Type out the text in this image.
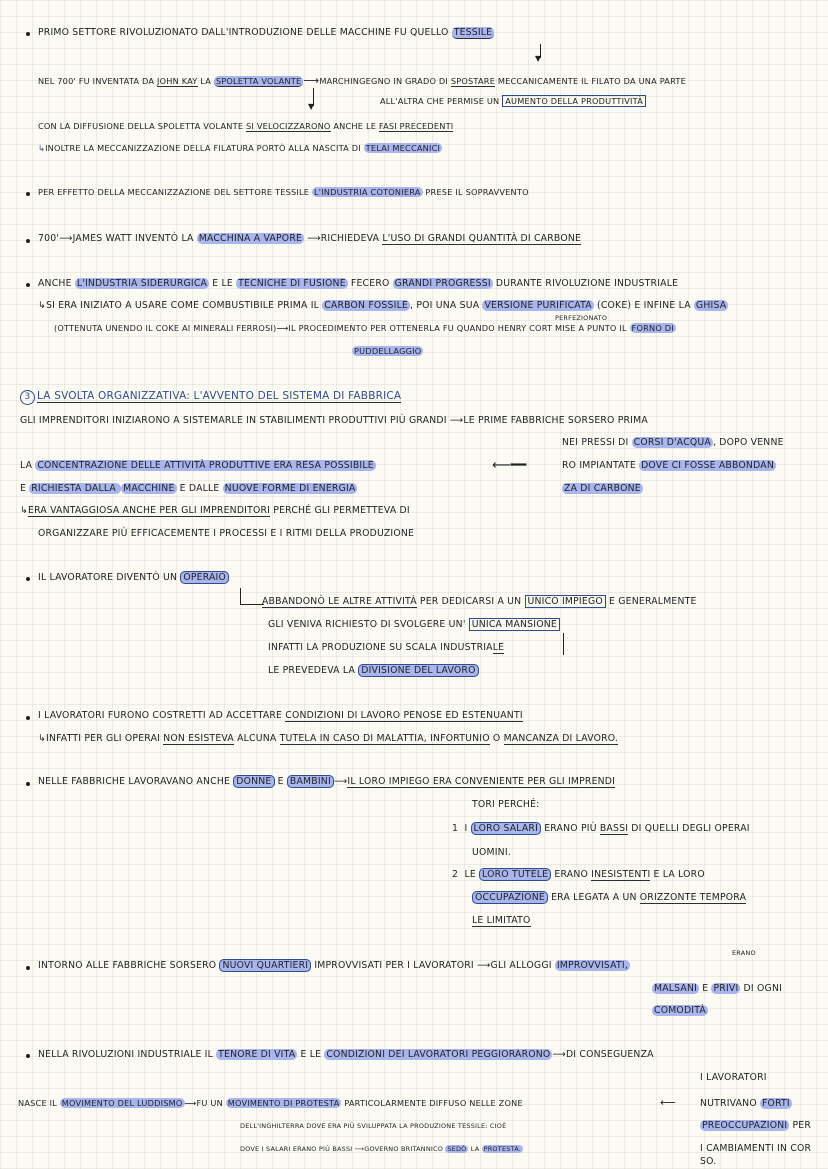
PRIMO SETTORE RIVOLUZIONATO DALL'INTRODUZIONE DELLE MACCHINE FU QUELLO TESSILE
▼
NEL 700' FU INVENTATA DA JOHN KAY LA SPOLETTA VOLANTE ⟶MARCHINGEGNO IN GRADO DI SPOSTARE MECCANICAMENTE IL FILATO DA UNA PARTE
▼
ALL'ALTRA CHE PERMISE UN AUMENTO DELLA PRODUTTIVITÀ
CON LA DIFFUSIONE DELLA SPOLETTA VOLANTE SI VELOCIZZARONO ANCHE LE FASI PRECEDENTI
↳INOLTRE LA MECCANIZZAZIONE DELLA FILATURA PORTÒ ALLA NASCITA DI TELAI MECCANICI
PER EFFETTO DELLA MECCANIZZAZIONE DEL SETTORE TESSILE L'INDUSTRIA COTONIERA PRESE IL SOPRAVVENTO
700'⟶JAMES WATT INVENTÒ LA MACCHINA A VAPORE ⟶RICHIEDEVA L'USO DI GRANDI QUANTITÀ DI CARBONE
ANCHE L'INDUSTRIA SIDERURGICA E LE TECNICHE DI FUSIONE FECERO GRANDI PROGRESSI DURANTE RIVOLUZIONE INDUSTRIALE
↳SI ERA INIZIATO A USARE COME COMBUSTIBILE PRIMA IL CARBON FOSSILE , POI UNA SUA VERSIONE PURIFICATA (COKE) E INFINE LA GHISA
PERFEZIONATO
(OTTENUTA UNENDO IL COKE AI MINERALI FERROSI)⟶IL PROCEDIMENTO PER OTTENERLA FU QUANDO HENRY CORT MISE A PUNTO IL FORNO DI
PUDDELLAGGIO
3 LA SVOLTA ORGANIZZATIVA: L'AVVENTO DEL SISTEMA DI FABBRICA
GLI IMPRENDITORI INIZIARONO A SISTEMARLE IN STABILIMENTI PRODUTTIVI PIÙ GRANDI ⟶LE PRIME FABBRICHE SORSERO PRIMA
NEI PRESSI DI CORSI D'ACQUA , DOPO VENNE
LA CONCENTRAZIONE DELLE ATTIVITÀ PRODUTTIVE ERA RESA POSSIBILE	⟵━━	RO IMPIANTATE DOVE CI FOSSE ABBONDAN
E RICHIESTA DALLA MACCHINE E DALLE NUOVE FORME DI ENERGIA	ZA DI CARBONE
↳ERA VANTAGGIOSA ANCHE PER GLI IMPRENDITORI PERCHÉ GLI PERMETTEVA DI
ORGANIZZARE PIÙ EFFICACEMENTE I PROCESSI E I RITMI DELLA PRODUZIONE
IL LAVORATORE DIVENTÒ UN OPERAIO
ABBANDONÒ LE ALTRE ATTIVITÀ PER DEDICARSI A UN UNICO IMPIEGO E GENERALMENTE
GLI VENIVA RICHIESTO DI SVOLGERE UN' UNICA MANSIONE
INFATTI LA PRODUZIONE SU SCALA INDUSTRIALE
LE PREVEDEVA LA DIVISIONE DEL LAVORO
I LAVORATORI FURONO COSTRETTI AD ACCETTARE CONDIZIONI DI LAVORO PENOSE ED ESTENUANTI
↳INFATTI PER GLI OPERAI NON ESISTEVA ALCUNA TUTELA IN CASO DI MALATTIA, INFORTUNIO O MANCANZA DI LAVORO.
NELLE FABBRICHE LAVORAVANO ANCHE DONNE E BAMBINI ⟶IL LORO IMPIEGO ERA CONVENIENTE PER GLI IMPRENDI
TORI PERCHÉ:
1 I LORO SALARI ERANO PIÙ BASSI DI QUELLI DEGLI OPERAI
UOMINI.
2 LE LORO TUTELE ERANO INESISTENTI E LA LORO
OCCUPAZIONE ERA LEGATA A UN ORIZZONTE TEMPORA
LE LIMITATO
ERANO
INTORNO ALLE FABBRICHE SORSERO NUOVI QUARTIERI IMPROVVISATI PER I LAVORATORI ⟶GLI ALLOGGI IMPROVVISATI,
MALSANI E PRIVI DI OGNI
COMODITÀ
NELLA RIVOLUZIONI INDUSTRIALE IL TENORE DI VITA E LE CONDIZIONI DEI LAVORATORI PEGGIORARONO ⟶DI CONSEGUENZA
I LAVORATORI
NASCE IL MOVIMENTO DEL LUDDISMO ⟶FU UN MOVIMENTO DI PROTESTA PARTICOLARMENTE DIFFUSO NELLE ZONE	⟵	NUTRIVANO FORTI
DELL'INGHILTERRA DOVE ERA PIÙ SVILUPPATA LA PRODUZIONE TESSILE: CIOÈ	PREOCCUPAZIONI PER
DOVE I SALARI ERANO PIÙ BASSI ⟶GOVERNO BRITANNICO SEDÒ LA PROTESTA.	I CAMBIAMENTI IN COR
SO.
